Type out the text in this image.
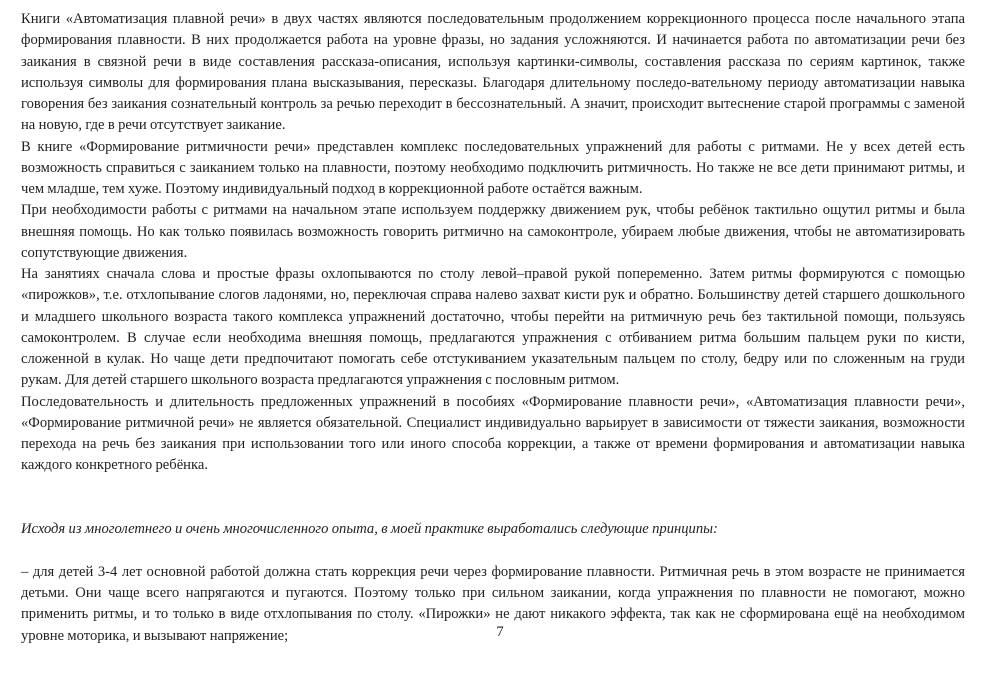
Книги «Автоматизация плавной речи» в двух частях являются последовательным продолжением коррекционного процесса после начального этапа формирования плавности. В них продолжается работа на уровне фразы, но задания усложняются. И начинается работа по автоматизации речи без заикания в связной речи в виде составления рассказа-описания, используя картинки-символы, составления рассказа по сериям картинок, также используя символы для формирования плана высказывания, пересказы. Благодаря длительному последо-вательному периоду автоматизации навыка говорения без заикания сознательный контроль за речью переходит в бессознательный. А значит, происходит вытеснение старой программы с заменой на новую, где в речи отсутствует заикание.

В книге «Формирование ритмичности речи» представлен комплекс последовательных упражнений для работы с ритмами. Не у всех детей есть возможность справиться с заиканием только на плавности, поэтому необходимо подключить ритмичность. Но также не все дети принимают ритмы, и чем младше, тем хуже. Поэтому индивидуальный подход в коррекционной работе остаётся важным.

При необходимости работы с ритмами на начальном этапе используем поддержку движением рук, чтобы ребёнок тактильно ощутил ритмы и была внешняя помощь. Но как только появилась возможность говорить ритмично на самоконтроле, убираем любые движения, чтобы не автоматизировать сопутствующие движения.

На занятиях сначала слова и простые фразы охлопываются по столу левой–правой рукой попеременно. Затем ритмы формируются с помощью «пирожков», т.е. отхлопывание слогов ладонями, но, переключая справа налево захват кисти рук и обратно. Большинству детей старшего дошкольного и младшего школьного возраста такого комплекса упражнений достаточно, чтобы перейти на ритмичную речь без тактильной помощи, пользуясь самоконтролем. В случае если необходима внешняя помощь, предлагаются упражнения с отбиванием ритма большим пальцем руки по кисти, сложенной в кулак. Но чаще дети предпочитают помогать себе отстукиванием указательным пальцем по столу, бедру или по сложенным на груди рукам. Для детей старшего школьного возраста предлагаются упражнения с пословным ритмом.

Последовательность и длительность предложенных упражнений в пособиях «Формирование плавности речи», «Автоматизация плавности речи», «Формирование ритмичной речи» не является обязательной. Специалист индивидуально варьирует в зависимости от тяжести заикания, возможности перехода на речь без заикания при использовании того или иного способа коррекции, а также от времени формирования и автоматизации навыка каждого конкретного ребёнка.

Исходя из многолетнего и очень многочисленного опыта, в моей практике выработались следующие принципы:

– для детей 3-4 лет основной работой должна стать коррекция речи через формирование плавности. Ритмичная речь в этом возрасте не принимается детьми. Они чаще всего напрягаются и пугаются. Поэтому только при сильном заикании, когда упражнения по плавности не помогают, можно применить ритмы, и то только в виде отхлопывания по столу. «Пирожки» не дают никакого эффекта, так как не сформирована ещё на необходимом уровне моторика, и вызывают напряжение;	7
